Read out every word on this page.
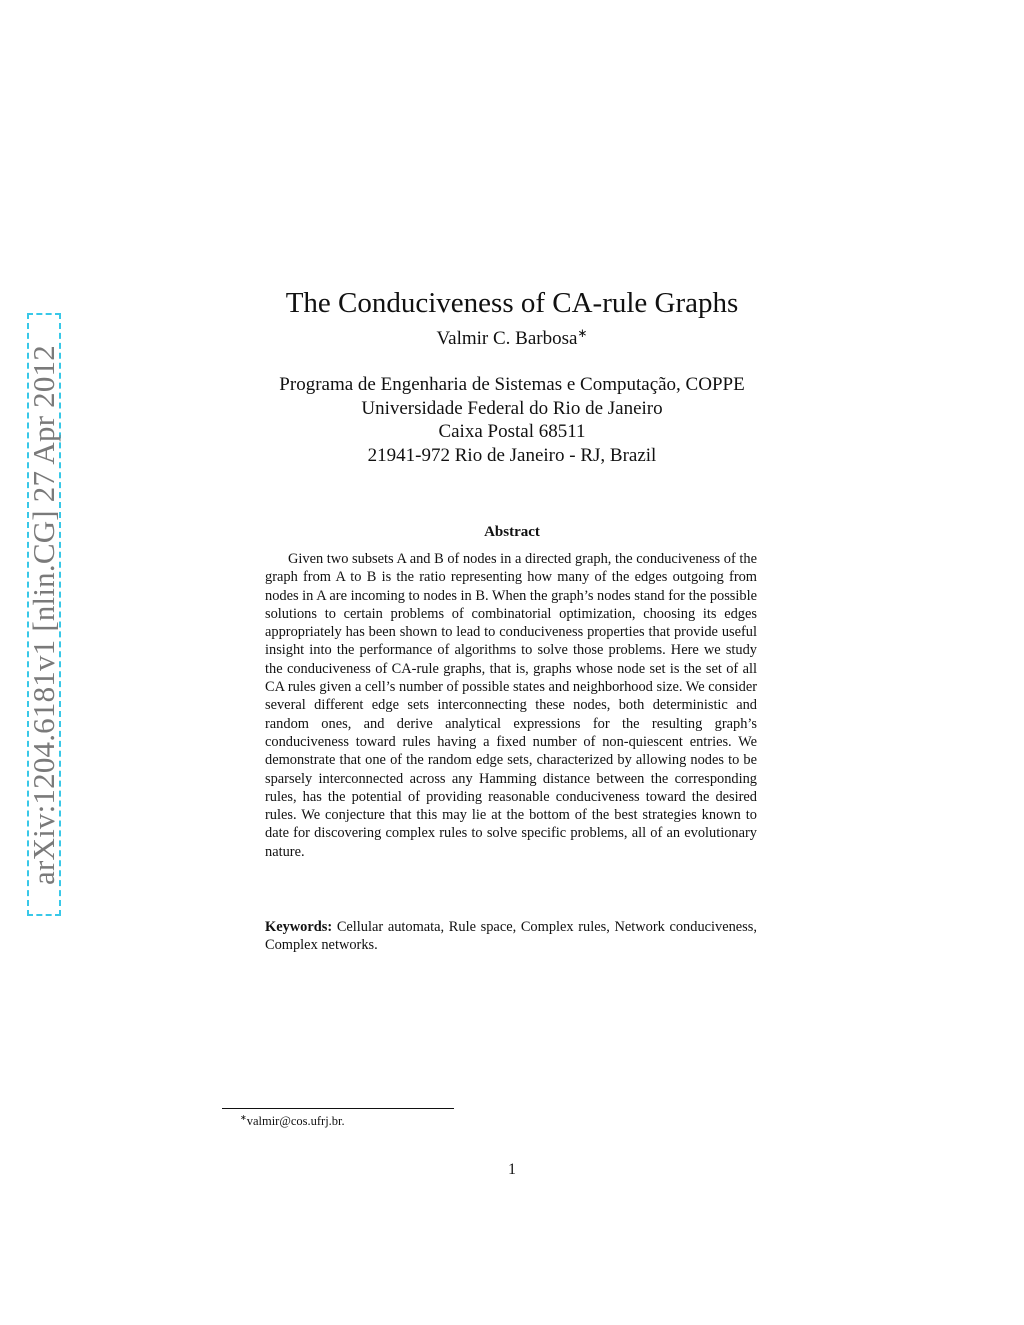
arXiv:1204.6181v1 [nlin.CG] 27 Apr 2012
The Conduciveness of CA-rule Graphs
Valmir C. Barbosa∗
Programa de Engenharia de Sistemas e Computação, COPPE
Universidade Federal do Rio de Janeiro
Caixa Postal 68511
21941-972 Rio de Janeiro - RJ, Brazil
Abstract

Given two subsets A and B of nodes in a directed graph, the conduciveness of the graph from A to B is the ratio representing how many of the edges outgoing from nodes in A are incoming to nodes in B. When the graph’s nodes stand for the possible solutions to certain problems of combinatorial optimization, choosing its edges appropriately has been shown to lead to conduciveness properties that provide useful insight into the performance of algorithms to solve those problems. Here we study the conduciveness of CA-rule graphs, that is, graphs whose node set is the set of all CA rules given a cell’s number of possible states and neighborhood size. We consider several different edge sets interconnecting these nodes, both deterministic and random ones, and derive analytical expressions for the resulting graph’s conduciveness toward rules having a fixed number of non-quiescent entries. We demonstrate that one of the random edge sets, characterized by allowing nodes to be sparsely interconnected across any Hamming distance between the corresponding rules, has the potential of providing reasonable conduciveness toward the desired rules. We conjecture that this may lie at the bottom of the best strategies known to date for discovering complex rules to solve specific problems, all of an evolutionary nature.

Keywords: Cellular automata, Rule space, Complex rules, Network conduciveness, Complex networks.

∗valmir@cos.ufrj.br.
1
